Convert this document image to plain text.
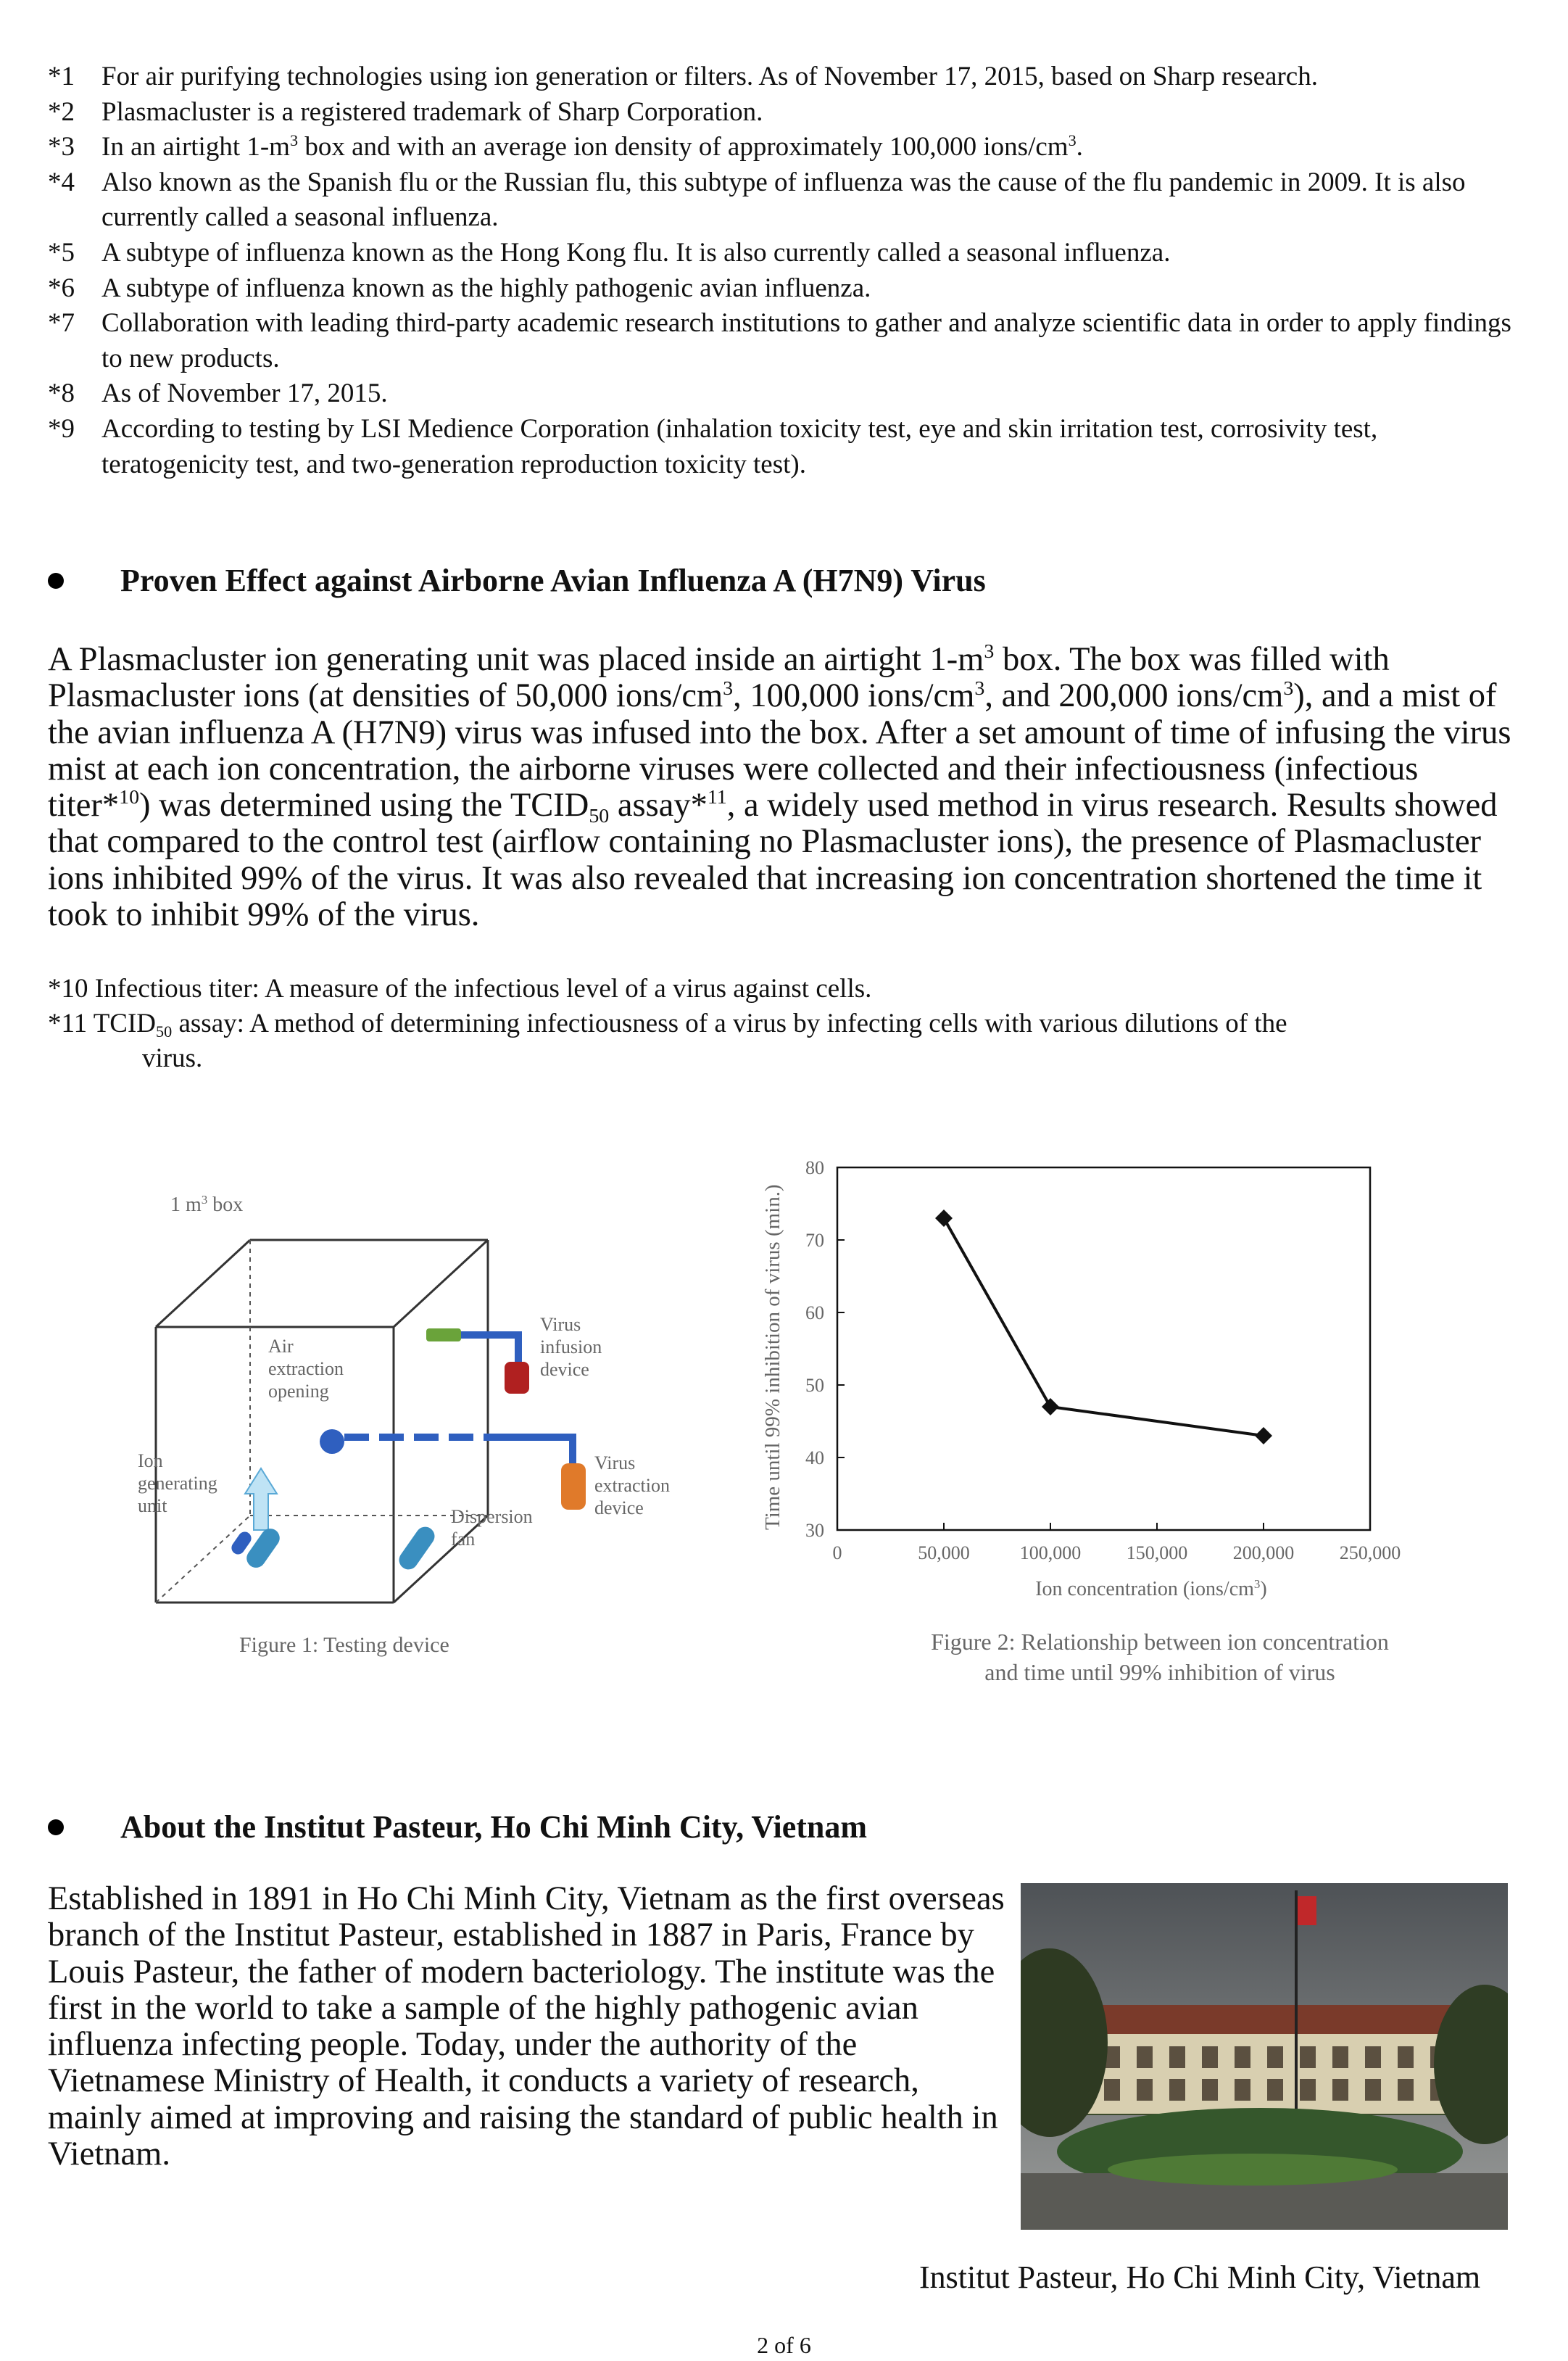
*1	For air purifying technologies using ion generation or filters. As of November 17, 2015, based on Sharp research.
*2	Plasmacluster is a registered trademark of Sharp Corporation.
*3	In an airtight $1-m^3$ box and with an average ion density of approximately 100,000 ions/$cm^3$.
*4	Also known as the Spanish flu or the Russian flu, this subtype of influenza was the cause of the flu pandemic in 2009. It is also currently called a seasonal influenza.
*5	A subtype of influenza known as the Hong Kong flu. It is also currently called a seasonal influenza.
*6	A subtype of influenza known as the highly pathogenic avian influenza.
*7	Collaboration with leading third-party academic research institutions to gather and analyze scientific data in order to apply findings to new products.
*8	As of November 17, 2015.
*9	According to testing by LSI Medience Corporation (inhalation toxicity test, eye and skin irritation test, corrosivity test, teratogenicity test, and two-generation reproduction toxicity test).
Proven Effect against Airborne Avian Influenza A (H7N9) Virus
A Plasmacluster ion generating unit was placed inside an airtight $1-m^3$ box. The box was filled with Plasmacluster ions (at densities of 50,000 ions/$cm^3$, 100,000 ions/$cm^3$, and 200,000 ions/$cm^3$), and a mist of the avian influenza A (H7N9) virus was infused into the box. After a set amount of time of infusing the virus mist at each ion concentration, the airborne viruses were collected and their infectiousness (infectious titer*$^{10}$) was determined using the $TCID_{50}$ assay*$^{11}$, a widely used method in virus research. Results showed that compared to the control test (airflow containing no Plasmacluster ions), the presence of Plasmacluster ions inhibited 99% of the virus. It was also revealed that increasing ion concentration shortened the time it took to inhibit 99% of the virus.
*10 Infectious titer: A measure of the infectious level of a virus against cells.
*11 $TCID_{50}$ assay: A method of determining infectiousness of a virus by infecting cells with various dilutions of the
virus.
1 $m^3$ box
Air
extraction
opening
Virus
infusion
device
Virus
extraction
device
Ion
generating
unit
Dispersion
fan
Figure 1: Testing device
30
40
50
60
70
80
0	50,000	100,000 150,000 200,000 250,000
Time until 99% inhibition of virus (min.)
Ion concentration $(ions/cm^3)$
Figure 2: Relationship between ion concentration
and time until 99% inhibition of virus
About the Institut Pasteur, Ho Chi Minh City, Vietnam
Established in 1891 in Ho Chi Minh City, Vietnam as the first overseas branch of the Institut Pasteur, established in 1887 in Paris, France by Louis Pasteur, the father of modern bacteriology. The institute was the first in the world to take a sample of the highly pathogenic avian influenza infecting people. Today, under the authority of the Vietnamese Ministry of Health, it conducts a variety of research, mainly aimed at improving and raising the standard of public health in Vietnam.
Institut Pasteur, Ho Chi Minh City, Vietnam
2 of 6
